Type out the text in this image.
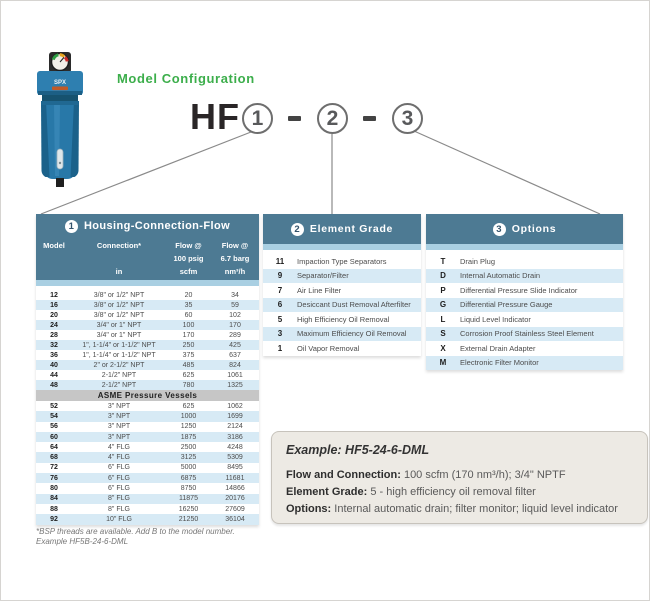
SPX	Model Configuration
HF 1	2	3
1 Housing-Connection-Flow
Model	Connection*
in
Flow @
100 psig
scfm
Flow @
6.7 barg
nm³/h
12	3/8" or 1/2" NPT	20	34
16	3/8" or 1/2" NPT	35	59
20	3/8" or 1/2" NPT	60	102
24	3/4" or 1" NPT	100	170
28	3/4" or 1" NPT	170	289
32	1", 1-1/4" or 1-1/2" NPT	250	425
36	1", 1-1/4" or 1-1/2" NPT	375	637
40	2" or 2-1/2" NPT	485	824
44	2-1/2" NPT	625	1061
48	2-1/2" NPT	780	1325
ASME Pressure Vessels
52	3" NPT	625	1062
54	3" NPT	1000	1699
56	3" NPT	1250	2124
60	3" NPT	1875	3186
64	4" FLG	2500	4248
68	4" FLG	3125	5309
72	6" FLG	5000	8495
76	6" FLG	6875	11681
80	6" FLG	8750	14866
84	8" FLG	11875	20176
88	8" FLG	16250	27609
92	10" FLG	21250	36104
2 Element Grade
11	Impaction Type Separators
9	Separator/Filter
7	Air Line Filter
6	Desiccant Dust Removal Afterfilter
5	High Efficiency Oil Removal
3	Maximum Efficiency Oil Removal
1	Oil Vapor Removal
3 Options
T	Drain Plug
D	Internal Automatic Drain
P	Differential Pressure Slide Indicator
G	Differential Pressure Gauge
L	Liquid Level Indicator
S	Corrosion Proof Stainless Steel Element
X	External Drain Adapter
M	Electronic Filter Monitor
Example: HF5-24-6-DML
Flow and Connection: 100 scfm (170 nm³/h); 3/4" NPTF
Element Grade: 5 - high efficiency oil removal filter
Options: Internal automatic drain; filter monitor; liquid level indicator
*BSP threads are available. Add B to the model number.
Example HF5B-24-6-DML
